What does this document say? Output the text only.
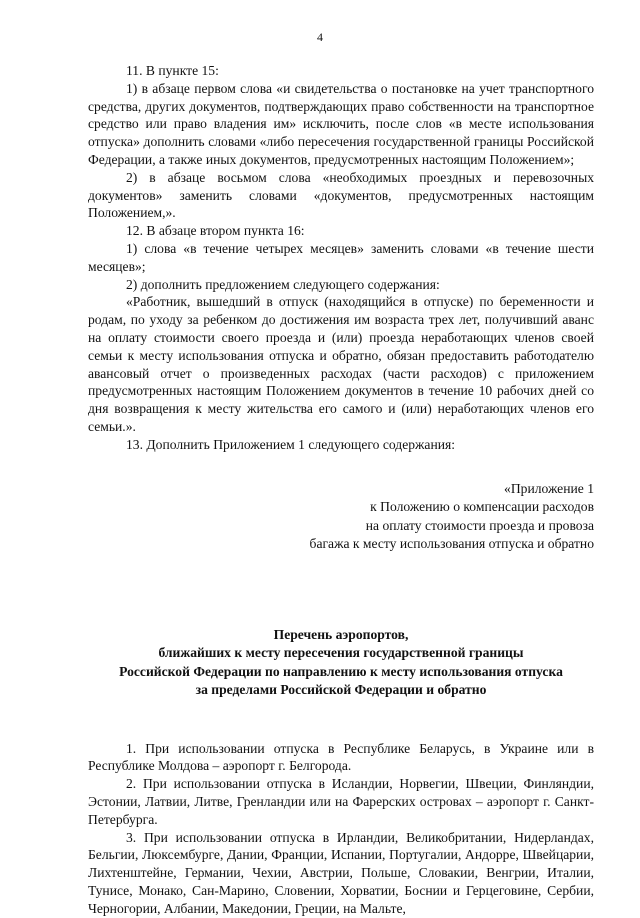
4

11. В пункте 15:

1) в абзаце первом слова «и свидетельства о постановке на учет транспортного средства, других документов, подтверждающих право собственности на транспортное средство или право владения им» исключить, после слов «в месте использования отпуска» дополнить словами «либо пересечения государственной границы Российской Федерации, а также иных документов, предусмотренных настоящим Положением»;

2) в абзаце восьмом слова «необходимых проездных и перевозочных документов» заменить словами «документов, предусмотренных настоящим Положением,».

12. В абзаце втором пункта 16:

1) слова «в течение четырех месяцев» заменить словами «в течение шести месяцев»;

2) дополнить предложением следующего содержания:

«Работник, вышедший в отпуск (находящийся в отпуске) по беременности и родам, по уходу за ребенком до достижения им возраста трех лет, получивший аванс на оплату стоимости своего проезда и (или) проезда неработающих членов своей семьи к месту использования отпуска и обратно, обязан предоставить работодателю авансовый отчет о произведенных расходах (части расходов) с приложением предусмотренных настоящим Положением документов в течение 10 рабочих дней со дня возвращения к месту жительства его самого и (или) неработающих членов его семьи.».

13. Дополнить Приложением 1 следующего содержания:

«Приложение 1
к Положению о компенсации расходов
на оплату стоимости проезда и провоза
багажа к месту использования отпуска и обратно
Перечень аэропортов,
ближайших к месту пересечения государственной границы
Российской Федерации по направлению к месту использования отпуска
за пределами Российской Федерации и обратно

1. При использовании отпуска в Республике Беларусь, в Украине или в Республике Молдова – аэропорт г. Белгорода.

2. При использовании отпуска в Исландии, Норвегии, Швеции, Финляндии, Эстонии, Латвии, Литве, Гренландии или на Фарерских островах – аэропорт г. Санкт-Петербурга.

3. При использовании отпуска в Ирландии, Великобритании, Нидерландах, Бельгии, Люксембурге, Дании, Франции, Испании, Португалии, Андорре, Швейцарии, Лихтенштейне, Германии, Чехии, Австрии, Польше, Словакии, Венгрии, Италии, Тунисе, Монако, Сан-Марино, Словении, Хорватии, Боснии и Герцеговине, Сербии, Черногории, Албании, Македонии, Греции, на Мальте,
